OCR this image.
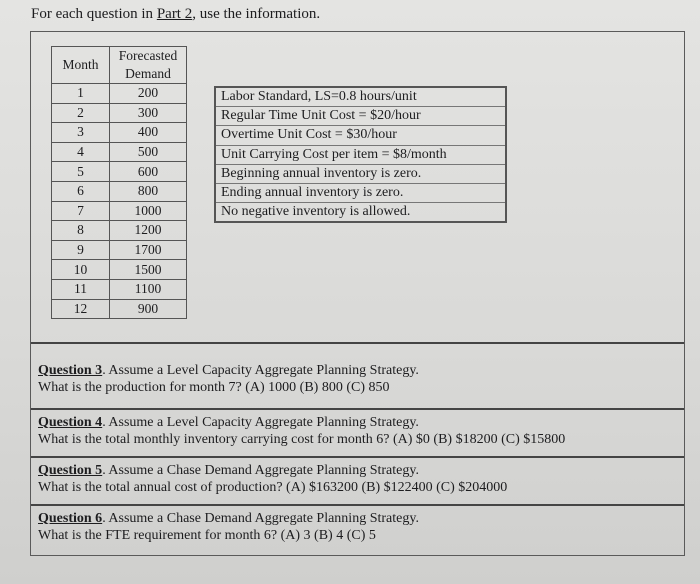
For each question in Part 2, use the information.
Month	Forecasted
Demand
1	200
2	300
3	400
4	500
5	600
6	800
7	1000
8	1200
9	1700
10	1500
11	1100
12	900
Labor Standard, LS=0.8 hours/unit
Regular Time Unit Cost = $20/hour
Overtime Unit Cost = $30/hour
Unit Carrying Cost per item = $8/month
Beginning annual inventory is zero.
Ending annual inventory is zero.
No negative inventory is allowed.
Question 3. Assume a Level Capacity Aggregate Planning Strategy.
What is the production for month 7? (A) 1000 (B) 800 (C) 850
Question 4. Assume a Level Capacity Aggregate Planning Strategy.
What is the total monthly inventory carrying cost for month 6? (A) $0 (B) $18200 (C) $15800
Question 5. Assume a Chase Demand Aggregate Planning Strategy.
What is the total annual cost of production? (A) $163200 (B) $122400 (C) $204000
Question 6. Assume a Chase Demand Aggregate Planning Strategy.
What is the FTE requirement for month 6? (A) 3 (B) 4 (C) 5
